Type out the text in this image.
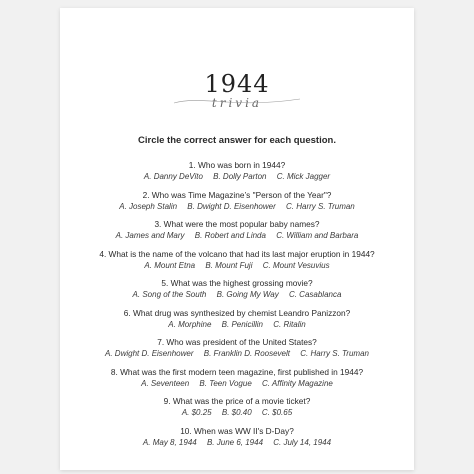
1944
trivia
Circle the correct answer for each question.
1. Who was born in 1944?
A. Danny DeVito B. Dolly Parton C. Mick Jagger
2. Who was Time Magazine’s "Person of the Year"?
A. Joseph Stalin B. Dwight D. Eisenhower C. Harry S. Truman
3. What were the most popular baby names?
A. James and Mary B. Robert and Linda C. William and Barbara
4. What is the name of the volcano that had its last major eruption in 1944?
A. Mount Etna B. Mount Fuji C. Mount Vesuvius
5. What was the highest grossing movie?
A. Song of the South B. Going My Way C. Casablanca
6. What drug was synthesized by chemist Leandro Panizzon?
A. Morphine B. Penicillin C. Ritalin
7. Who was president of the United States?
A. Dwight D. Eisenhower B. Franklin D. Roosevelt C. Harry S. Truman
8. What was the first modern teen magazine, first published in 1944?
A. Seventeen B. Teen Vogue C. Affinity Magazine
9. What was the price of a movie ticket?
A. $0.25 B. $0.40 C. $0.65
10. When was WW II's D-Day?
A. May 8, 1944 B. June 6, 1944 C. July 14, 1944
